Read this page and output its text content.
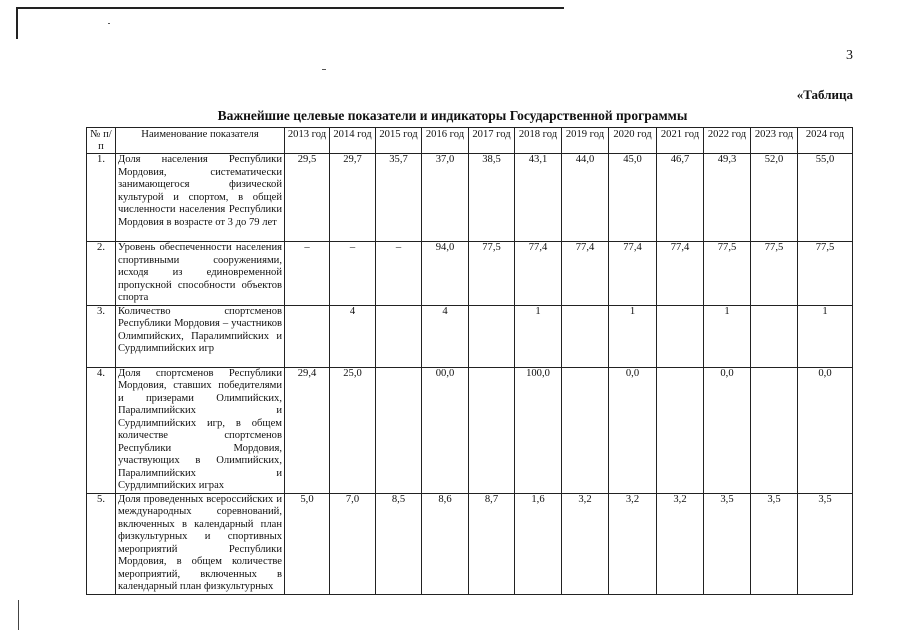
3
«Таблица
Важнейшие целевые показатели и индикаторы Государственной программы
№ п/п	Наименование показателя	2013 год	2014 год	2015 год	2016 год	2017 год	2018 год	2019 год	2020 год	2021 год	2022 год	2023 год	2024 год
1.	Доля населения Республики Мордовия, систематически занимающегося физической культурой и спортом, в общей численности населения Республики Мордовия в возрасте от 3 до 79 лет	29,5	29,7	35,7	37,0	38,5	43,1	44,0	45,0	46,7	49,3	52,0	55,0
2.	Уровень обеспеченности населения спортивными сооружениями, исходя из единовременной пропускной способности объектов спорта	–	–	–	94,0	77,5	77,4	77,4	77,4	77,4	77,5	77,5	77,5
3.	Количество спортсменов Республики Мордовия – участников Олимпийских, Паралимпийских и Сурдлимпийских игр		4		4		1		1		1		1
4.	Доля спортсменов Республики Мордовия, ставших победителями и призерами Олимпийских, Паралимпийских и Сурдлимпийских игр, в общем количестве спортсменов Республики Мордовия, участвующих в Олимпийских, Паралимпийских и Сурдлимпийских играх	29,4	25,0		00,0		100,0		0,0		0,0		0,0
5.	Доля проведенных всероссийских и международных соревнований, включенных в календарный план физкультурных и спортивных мероприятий Республики Мордовия, в общем количестве мероприятий, включенных в календарный план физкультурных	5,0	7,0	8,5	8,6	8,7	1,6	3,2	3,2	3,2	3,5	3,5	3,5
